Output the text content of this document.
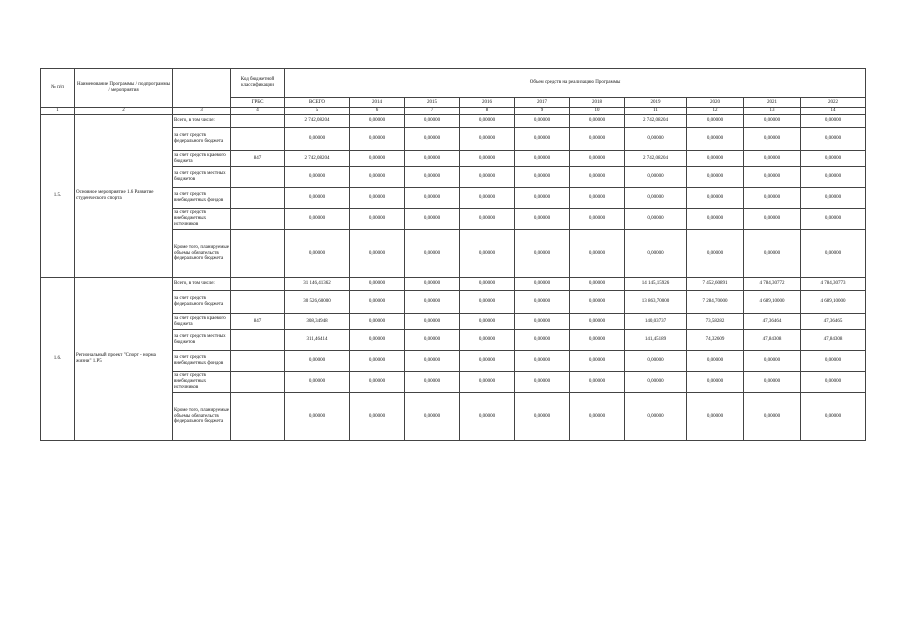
№ п/п	Наименование Программы / подпрограммы / мероприятия		Код бюджетной классификации	Объем средств на реализацию Программы									
			ГРБС	ВСЕГО	2014	2015	2016	2017	2018	2019	2020	2021	2022
1	2	3	4	5	6	7	8	9	10	11	12	13	14
1.5.	Основное мероприятие 1.6 Развитие студенческого спорта	Всего, в том числе:		2 742,08204	0,00000	0,00000	0,00000	0,00000	0,00000	2 742,08204	0,00000	0,00000	0,00000
		за счет средств федерального бюджета		0,00000	0,00000	0,00000	0,00000	0,00000	0,00000	0,00000	0,00000	0,00000	0,00000
		за счет средств краевого бюджета	847	2 742,08204	0,00000	0,00000	0,00000	0,00000	0,00000	2 742,08204	0,00000	0,00000	0,00000
		за счет средств местных бюджетов		0,00000	0,00000	0,00000	0,00000	0,00000	0,00000	0,00000	0,00000	0,00000	0,00000
		за счет средств внебюджетных фондов		0,00000	0,00000	0,00000	0,00000	0,00000	0,00000	0,00000	0,00000	0,00000	0,00000
		за счет средств внебюджетных источников		0,00000	0,00000	0,00000	0,00000	0,00000	0,00000	0,00000	0,00000	0,00000	0,00000
		Кроме того, планируемые объемы обязательств федерального бюджета		0,00000	0,00000	0,00000	0,00000	0,00000	0,00000	0,00000	0,00000	0,00000	0,00000
1.6.	Региональный проект "Спорт - норма жизни" 1.Р5	Всего, в том числе:		31 146,41362	0,00000	0,00000	0,00000	0,00000	0,00000	14 145,15926	7 452,60891	4 784,30772	4 784,30773
		за счет средств федерального бюджета		30 526,60000	0,00000	0,00000	0,00000	0,00000	0,00000	13 863,70000	7 284,70000	4 689,10000	4 689,10000
		за счет средств краевого бюджета	847	308,34948	0,00000	0,00000	0,00000	0,00000	0,00000	140,03737	73,58282	47,36464	47,36465
		за счет средств местных бюджетов		311,46414	0,00000	0,00000	0,00000	0,00000	0,00000	141,45189	74,32609	47,84308	47,84308
		за счет средств внебюджетных фондов		0,00000	0,00000	0,00000	0,00000	0,00000	0,00000	0,00000	0,00000	0,00000	0,00000
		за счет средств внебюджетных источников		0,00000	0,00000	0,00000	0,00000	0,00000	0,00000	0,00000	0,00000	0,00000	0,00000
		Кроме того, планируемые объемы обязательств федерального бюджета		0,00000	0,00000	0,00000	0,00000	0,00000	0,00000	0,00000	0,00000	0,00000	0,00000
